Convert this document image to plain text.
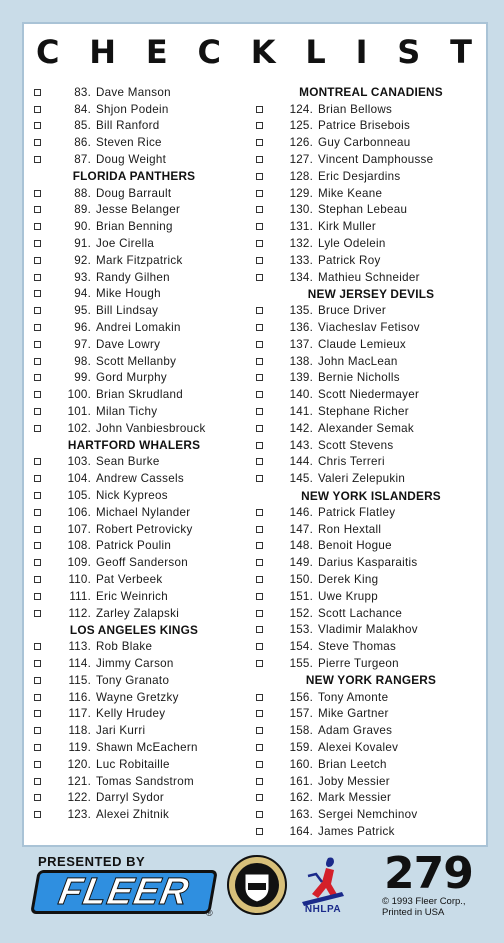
C H E C K L I S T
83. Dave Manson
84. Shjon Podein
85. Bill Ranford
86. Steven Rice
87. Doug Weight
FLORIDA PANTHERS
88. Doug Barrault
89. Jesse Belanger
90. Brian Benning
91. Joe Cirella
92. Mark Fitzpatrick
93. Randy Gilhen
94. Mike Hough
95. Bill Lindsay
96. Andrei Lomakin
97. Dave Lowry
98. Scott Mellanby
99. Gord Murphy
100. Brian Skrudland
101. Milan Tichy
102. John Vanbiesbrouck
HARTFORD WHALERS
103. Sean Burke
104. Andrew Cassels
105. Nick Kypreos
106. Michael Nylander
107. Robert Petrovicky
108. Patrick Poulin
109. Geoff Sanderson
110. Pat Verbeek
111. Eric Weinrich
112. Zarley Zalapski
LOS ANGELES KINGS
113. Rob Blake
114. Jimmy Carson
115. Tony Granato
116. Wayne Gretzky
117. Kelly Hrudey
118. Jari Kurri
119. Shawn McEachern
120. Luc Robitaille
121. Tomas Sandstrom
122. Darryl Sydor
123. Alexei Zhitnik
MONTREAL CANADIENS
124. Brian Bellows
125. Patrice Brisebois
126. Guy Carbonneau
127. Vincent Damphousse
128. Eric Desjardins
129. Mike Keane
130. Stephan Lebeau
131. Kirk Muller
132. Lyle Odelein
133. Patrick Roy
134. Mathieu Schneider
NEW JERSEY DEVILS
135. Bruce Driver
136. Viacheslav Fetisov
137. Claude Lemieux
138. John MacLean
139. Bernie Nicholls
140. Scott Niedermayer
141. Stephane Richer
142. Alexander Semak
143. Scott Stevens
144. Chris Terreri
145. Valeri Zelepukin
NEW YORK ISLANDERS
146. Patrick Flatley
147. Ron Hextall
148. Benoit Hogue
149. Darius Kasparaitis
150. Derek King
151. Uwe Krupp
152. Scott Lachance
153. Vladimir Malakhov
154. Steve Thomas
155. Pierre Turgeon
NEW YORK RANGERS
156. Tony Amonte
157. Mike Gartner
158. Adam Graves
159. Alexei Kovalev
160. Brian Leetch
161. Joby Messier
162. Mark Messier
163. Sergei Nemchinov
164. James Patrick
PRESENTED BY
FLEER
®	NHLPA
279
© 1993 Fleer Corp.,
Printed in USA
